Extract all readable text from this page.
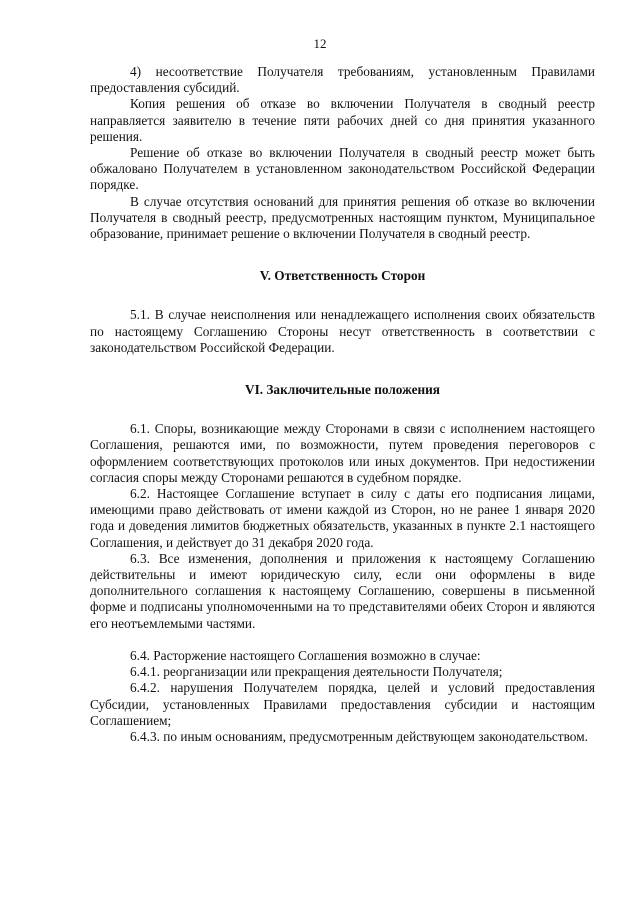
12

4) несоответствие Получателя требованиям, установленным Правилами предоставления субсидий.

Копия решения об отказе во включении Получателя в сводный реестр направляется заявителю в течение пяти рабочих дней со дня принятия указанного решения.

Решение об отказе во включении Получателя в сводный реестр может быть обжаловано Получателем в установленном законодательством Российской Федерации порядке.

В случае отсутствия оснований для принятия решения об отказе во включении Получателя в сводный реестр, предусмотренных настоящим пунктом, Муниципальное образование, принимает решение о включении Получателя в сводный реестр.

V. Ответственность Сторон

5.1. В случае неисполнения или ненадлежащего исполнения своих обязательств по настоящему Соглашению Стороны несут ответственность в соответствии с законодательством Российской Федерации.

VI. Заключительные положения

6.1. Споры, возникающие между Сторонами в связи с исполнением настоящего Соглашения, решаются ими, по возможности, путем проведения переговоров с оформлением соответствующих протоколов или иных документов. При недостижении согласия споры между Сторонами решаются в судебном порядке.

6.2. Настоящее Соглашение вступает в силу с даты его подписания лицами, имеющими право действовать от имени каждой из Сторон, но не ранее 1 января 2020 года и доведения лимитов бюджетных обязательств, указанных в пункте 2.1 настоящего Соглашения, и действует до 31 декабря 2020 года.

6.3. Все изменения, дополнения и приложения к настоящему Соглашению действительны и имеют юридическую силу, если они оформлены в виде дополнительного соглашения к настоящему Соглашению, совершены в письменной форме и подписаны уполномоченными на то представителями обеих Сторон и являются его неотъемлемыми частями.

6.4. Расторжение настоящего Соглашения возможно в случае:

6.4.1. реорганизации или прекращения деятельности Получателя;

6.4.2. нарушения Получателем порядка, целей и условий предоставления Субсидии, установленных Правилами предоставления субсидии и настоящим Соглашением;

6.4.3. по иным основаниям, предусмотренным действующем законодательством.
